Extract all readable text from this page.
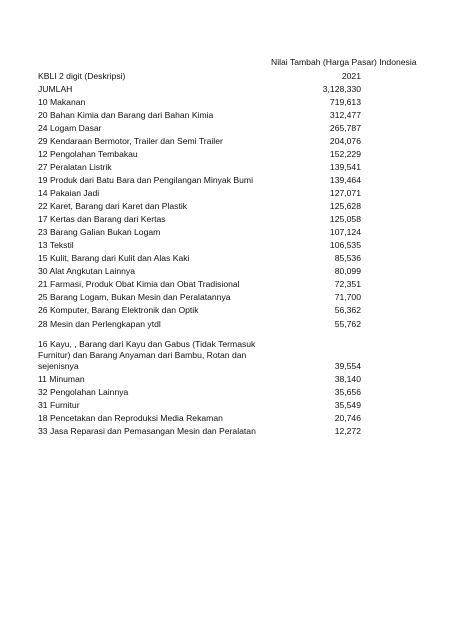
Nilai Tambah (Harga Pasar) Indonesia
KBLI 2 digit (Deskripsi)	2021
JUMLAH	3,128,330
10 Makanan	719,613
20 Bahan Kimia dan Barang dari Bahan Kimia	312,477
24 Logam Dasar	265,787
29 Kendaraan Bermotor, Trailer dan Semi Trailer	204,076
12 Pengolahan Tembakau	152,229
27 Peralatan Listrik	139,541
19 Produk dari Batu Bara dan Pengilangan Minyak Bumi	139,464
14 Pakaian Jadi	127,071
22 Karet, Barang dari Karet dan Plastik	125,628
17 Kertas dan Barang dari Kertas	125,058
23 Barang Galian Bukan Logam	107,124
13 Tekstil	106,535
15 Kulit, Barang dari Kulit dan Alas Kaki	85,536
30 Alat Angkutan Lainnya	80,099
21 Farmasi, Produk Obat Kimia dan Obat Tradisional	72,351
25 Barang Logam, Bukan Mesin dan Peralatannya	71,700
26 Komputer, Barang Elektronik dan Optik	56,362
28 Mesin dan Perlengkapan ytdl	55,762
16 Kayu, , Barang dari Kayu dan Gabus (Tidak Termasuk Furnitur) dan Barang Anyaman dari Bambu, Rotan dan sejenisnya	39,554
11 Minuman	38,140
32 Pengolahan Lainnya	35,656
31 Furnitur	35,549
18 Pencetakan dan Reproduksi Media Rekaman	20,746
33 Jasa Reparasi dan Pemasangan Mesin dan Peralatan	12,272
